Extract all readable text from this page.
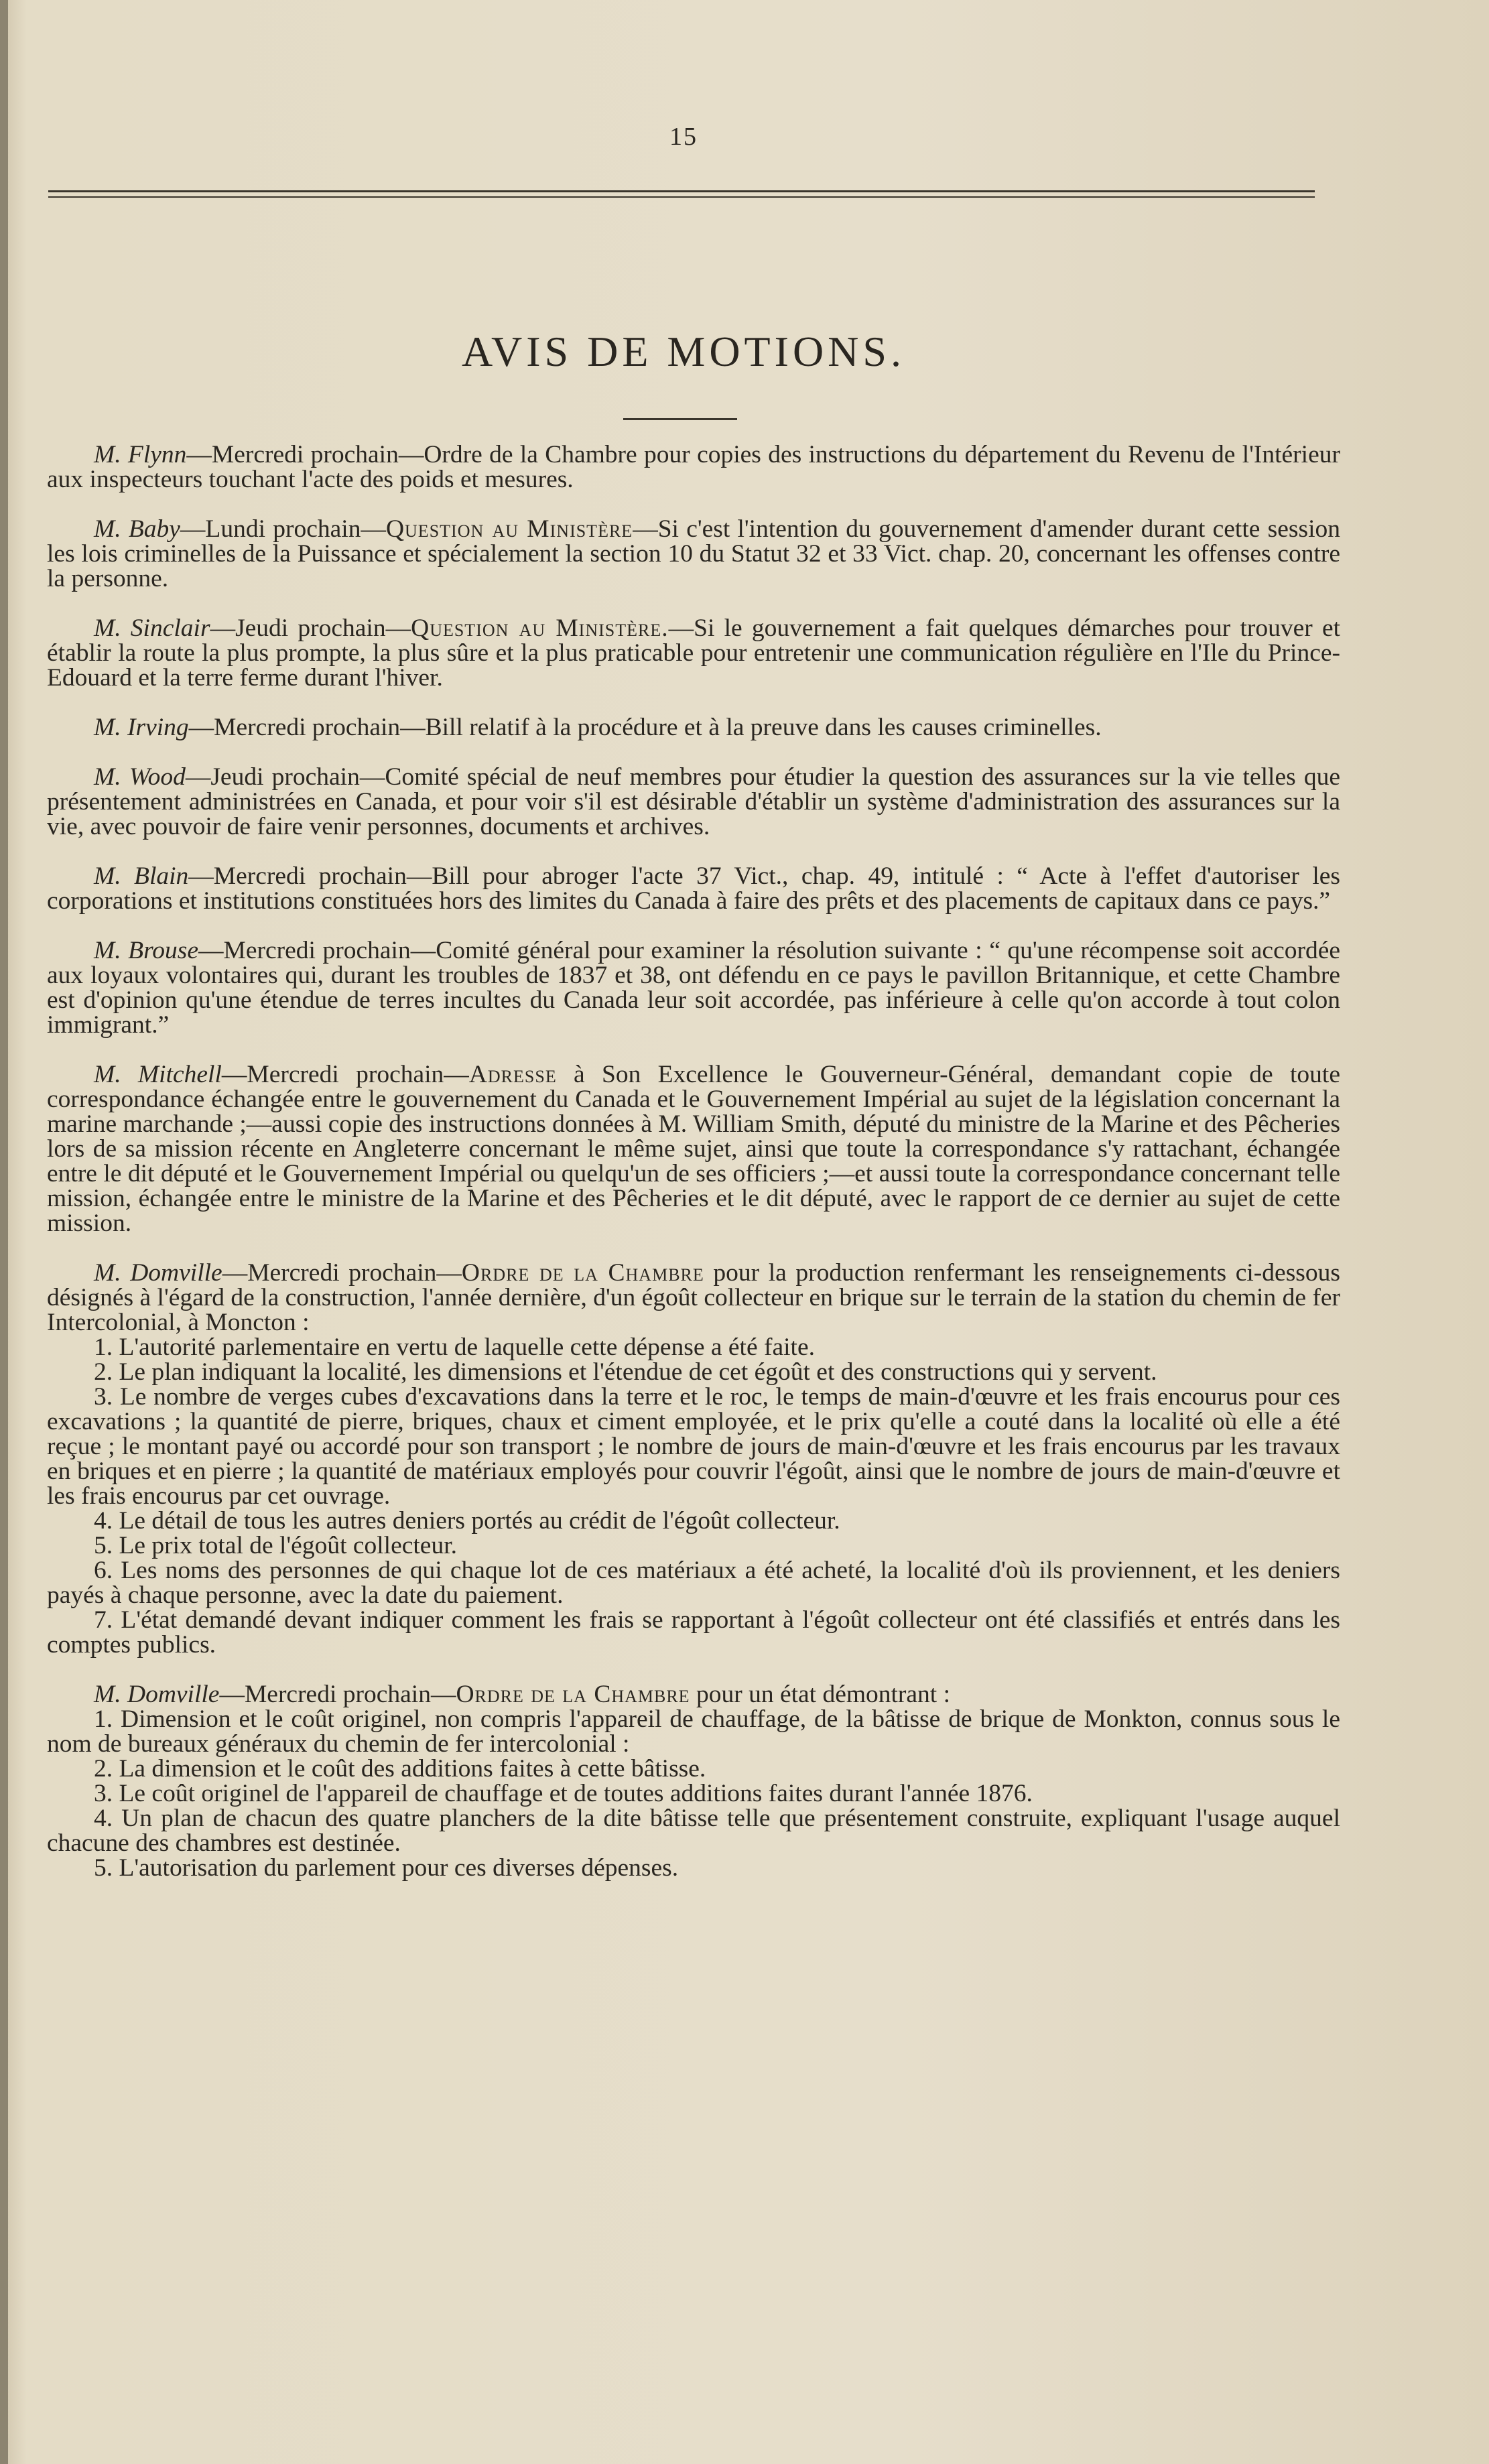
15
AVIS DE MOTIONS.

M. Flynn—Mercredi prochain—Ordre de la Chambre pour copies des instructions du département du Revenu de l'Intérieur aux inspecteurs touchant l'acte des poids et mesures.

M. Baby—Lundi prochain—Question au Ministère—Si c'est l'intention du gouvernement d'amender durant cette session les lois criminelles de la Puissance et spécialement la section 10 du Statut 32 et 33 Vict. chap. 20, concernant les offenses contre la personne.

M. Sinclair—Jeudi prochain—Question au Ministère.—Si le gouvernement a fait quelques démarches pour trouver et établir la route la plus prompte, la plus sûre et la plus praticable pour entretenir une communication régulière en l'Ile du Prince-Edouard et la terre ferme durant l'hiver.

M. Irving—Mercredi prochain—Bill relatif à la procédure et à la preuve dans les causes criminelles.

M. Wood—Jeudi prochain—Comité spécial de neuf membres pour étudier la question des assurances sur la vie telles que présentement administrées en Canada, et pour voir s'il est désirable d'établir un système d'administration des assurances sur la vie, avec pouvoir de faire venir personnes, documents et archives.

M. Blain—Mercredi prochain—Bill pour abroger l'acte 37 Vict., chap. 49, intitulé : “ Acte à l'effet d'autoriser les corporations et institutions constituées hors des limites du Canada à faire des prêts et des placements de capitaux dans ce pays.”

M. Brouse—Mercredi prochain—Comité général pour examiner la résolution suivante : “ qu'une récompense soit accordée aux loyaux volontaires qui, durant les troubles de 1837 et 38, ont défendu en ce pays le pavillon Britannique, et cette Chambre est d'opinion qu'une étendue de terres incultes du Canada leur soit accordée, pas inférieure à celle qu'on accorde à tout colon immigrant.”

M. Mitchell—Mercredi prochain—Adresse à Son Excellence le Gouverneur-Général, demandant copie de toute correspondance échangée entre le gouvernement du Canada et le Gouvernement Impérial au sujet de la législation concernant la marine marchande ;—aussi copie des instructions données à M. William Smith, député du ministre de la Marine et des Pêcheries lors de sa mission récente en Angleterre concernant le même sujet, ainsi que toute la correspondance s'y rattachant, échangée entre le dit député et le Gouvernement Impérial ou quelqu'un de ses officiers ;—et aussi toute la correspondance concernant telle mission, échangée entre le ministre de la Marine et des Pêcheries et le dit député, avec le rapport de ce dernier au sujet de cette mission.

M. Domville—Mercredi prochain—Ordre de la Chambre pour la production renfermant les renseignements ci-dessous désignés à l'égard de la construction, l'année dernière, d'un égoût collecteur en brique sur le terrain de la station du chemin de fer Intercolonial, à Moncton :

1. L'autorité parlementaire en vertu de laquelle cette dépense a été faite.

2. Le plan indiquant la localité, les dimensions et l'étendue de cet égoût et des constructions qui y servent.

3. Le nombre de verges cubes d'excavations dans la terre et le roc, le temps de main-d'œuvre et les frais encourus pour ces excavations ; la quantité de pierre, briques, chaux et ciment employée, et le prix qu'elle a couté dans la localité où elle a été reçue ; le montant payé ou accordé pour son transport ; le nombre de jours de main-d'œuvre et les frais encourus par les travaux en briques et en pierre ; la quantité de matériaux employés pour couvrir l'égoût, ainsi que le nombre de jours de main-d'œuvre et les frais encourus par cet ouvrage.

4. Le détail de tous les autres deniers portés au crédit de l'égoût collecteur.

5. Le prix total de l'égoût collecteur.

6. Les noms des personnes de qui chaque lot de ces matériaux a été acheté, la localité d'où ils proviennent, et les deniers payés à chaque personne, avec la date du paiement.

7. L'état demandé devant indiquer comment les frais se rapportant à l'égoût collecteur ont été classifiés et entrés dans les comptes publics.

M. Domville—Mercredi prochain—Ordre de la Chambre pour un état démontrant :

1. Dimension et le coût originel, non compris l'appareil de chauffage, de la bâtisse de brique de Monkton, connus sous le nom de bureaux généraux du chemin de fer intercolonial :

2. La dimension et le coût des additions faites à cette bâtisse.

3. Le coût originel de l'appareil de chauffage et de toutes additions faites durant l'année 1876.

4. Un plan de chacun des quatre planchers de la dite bâtisse telle que présentement construite, expliquant l'usage auquel chacune des chambres est destinée.

5. L'autorisation du parlement pour ces diverses dépenses.
